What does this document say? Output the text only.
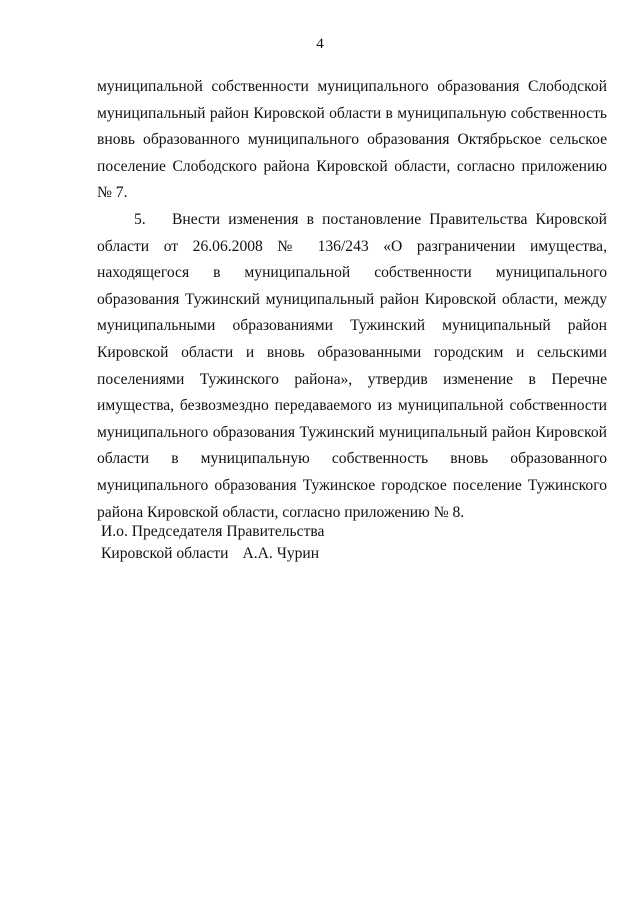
4

муниципальной собственности муниципального образования Слободской муниципальный район Кировской области в муниципальную собственность вновь образованного муниципального образования Октябрьское сельское поселение Слободского района Кировской области, согласно приложению № 7.

5. Внести изменения в постановление Правительства Кировской области от 26.06.2008 № 136/243 «О разграничении имущества, находящегося в муниципальной собственности муниципального образования Тужинский муниципальный район Кировской области, между муниципальными образованиями Тужинский муниципальный район Кировской области и вновь образованными городским и сельскими поселениями Тужинского района», утвердив изменение в Перечне имущества, безвозмездно передаваемого из муниципальной собственности муниципального образования Тужинский муниципальный район Кировской области в муниципальную собственность вновь образованного муниципального образования Тужинское городское поселение Тужинского района Кировской области, согласно приложению № 8.

И.о. Председателя Правительства
Кировской области А.А. Чурин
